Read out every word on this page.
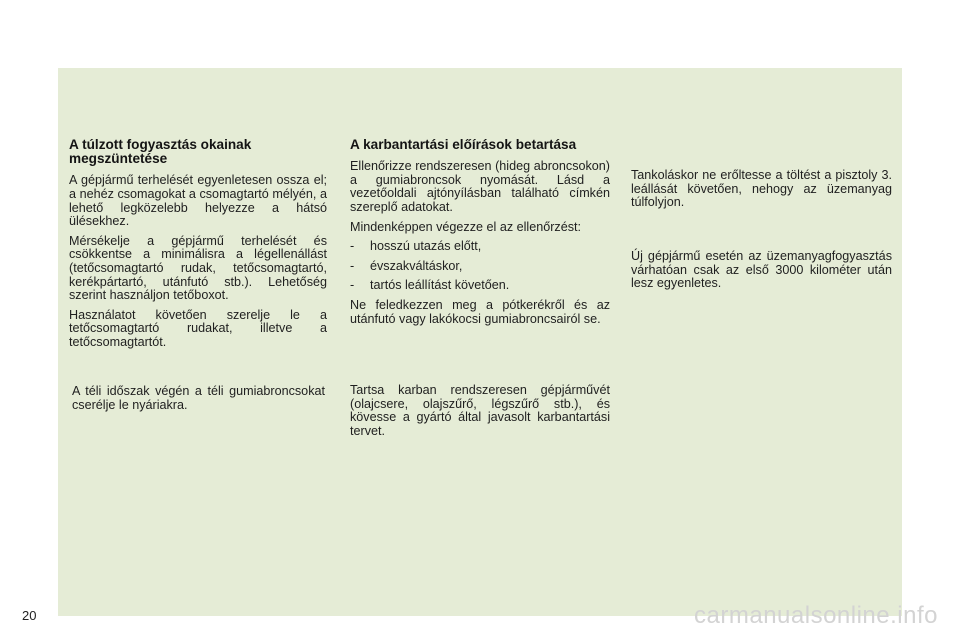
A túlzott fogyasztás okainak megszüntetése

A gépjármű terhelését egyenletesen ossza el; a nehéz csomagokat a csomagtartó mélyén, a lehető legközelebb helyezze a hátsó ülésekhez.

Mérsékelje a gépjármű terhelését és csökkentse a minimálisra a légellenállást (tetőcsomagtartó rudak, tetőcsomagtartó, kerékpártartó, utánfutó stb.). Lehetőség szerint használjon tetőboxot.

Használatot követően szerelje le a tetőcsomagtartó rudakat, illetve a tetőcsomagtartót.

A téli időszak végén a téli gumiabroncsokat cserélje le nyáriakra.

A karbantartási előírások betartása

Ellenőrizze rendszeresen (hideg abroncsokon) a gumiabroncsok nyomását. Lásd a vezetőoldali ajtónyílásban található címkén szereplő adatokat.

Mindenképpen végezze el az ellenőrzést:

- hosszú utazás előtt,
- évszakváltáskor,
- tartós leállítást követően.

Ne feledkezzen meg a pótkerékről és az utánfutó vagy lakókocsi gumiabroncsairól se.

Tartsa karban rendszeresen gépjárművét (olajcsere, olajszűrő, légszűrő stb.), és kövesse a gyártó által javasolt karbantartási tervet.

Tankoláskor ne erőltesse a töltést a pisztoly 3. leállását követően, nehogy az üzemanyag túlfolyjon.

Új gépjármű esetén az üzemanyagfogyasztás várhatóan csak az első 3000 kilométer után lesz egyenletes.

20	carmanualsonline.info
